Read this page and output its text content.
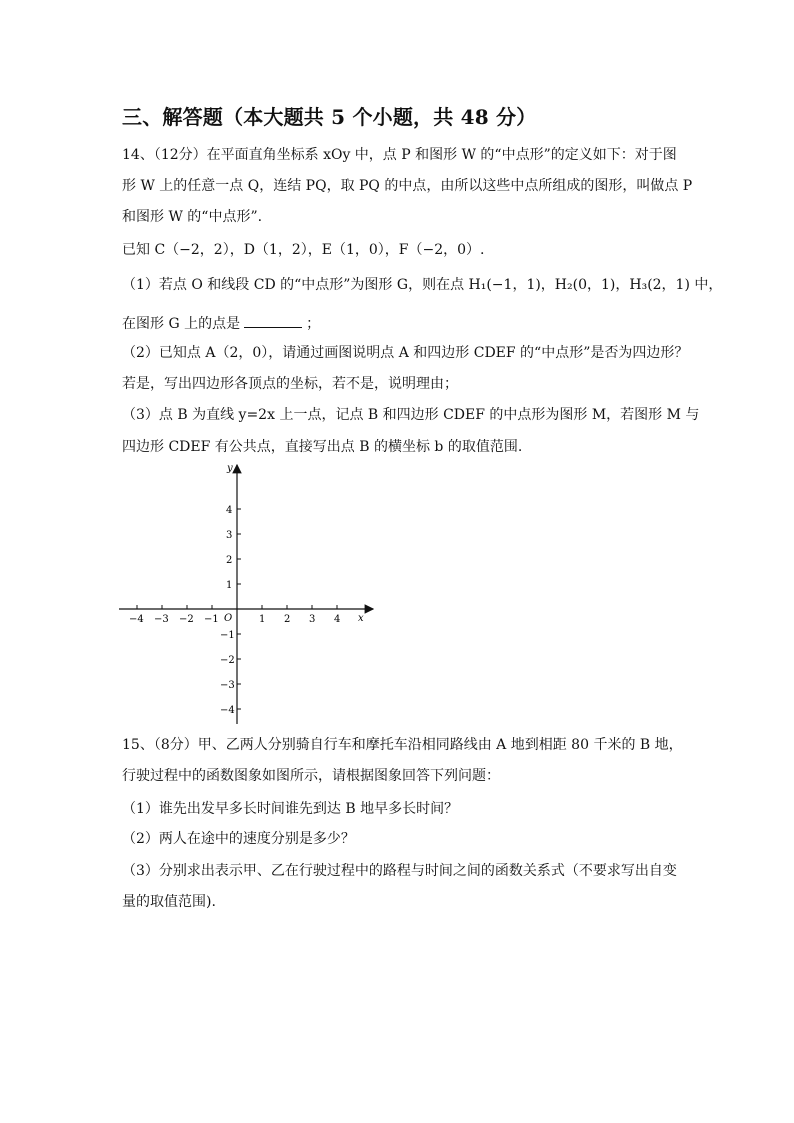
三、解答题（本大题共 5 个小题，共 48 分）
14、（12分）在平面直角坐标系 xOy 中，点 P 和图形 W 的“中点形”的定义如下：对于图
形 W 上的任意一点 Q，连结 PQ，取 PQ 的中点，由所以这些中点所组成的图形，叫做点 P
和图形 W 的“中点形”.
已知 C（−2，2），D（1，2），E（1，0），F（−2，0）.
（1）若点 O 和线段 CD 的“中点形”为图形 G，则在点 H₁(−1，1)，H₂(0，1)，H₃(2，1) 中，
在图形 G 上的点是	；
（2）已知点 A（2，0），请通过画图说明点 A 和四边形 CDEF 的“中点形”是否为四边形？
若是，写出四边形各顶点的坐标，若不是，说明理由；
（3）点 B 为直线 y=2x 上一点，记点 B 和四边形 CDEF 的中点形为图形 M，若图形 M 与
四边形 CDEF 有公共点，直接写出点 B 的横坐标 b 的取值范围.
x
y
O
−4 −3 −2 −1	1 2 3 4
4
3
2
1
−1
−2
−3
−4
15、（8分）甲、乙两人分别骑自行车和摩托车沿相同路线由 A 地到相距 80 千米的 B 地，
行驶过程中的函数图象如图所示，请根据图象回答下列问题：
（1）谁先出发早多长时间谁先到达 B 地早多长时间？
（2）两人在途中的速度分别是多少？
（3）分别求出表示甲、乙在行驶过程中的路程与时间之间的函数关系式（不要求写出自变
量的取值范围).
